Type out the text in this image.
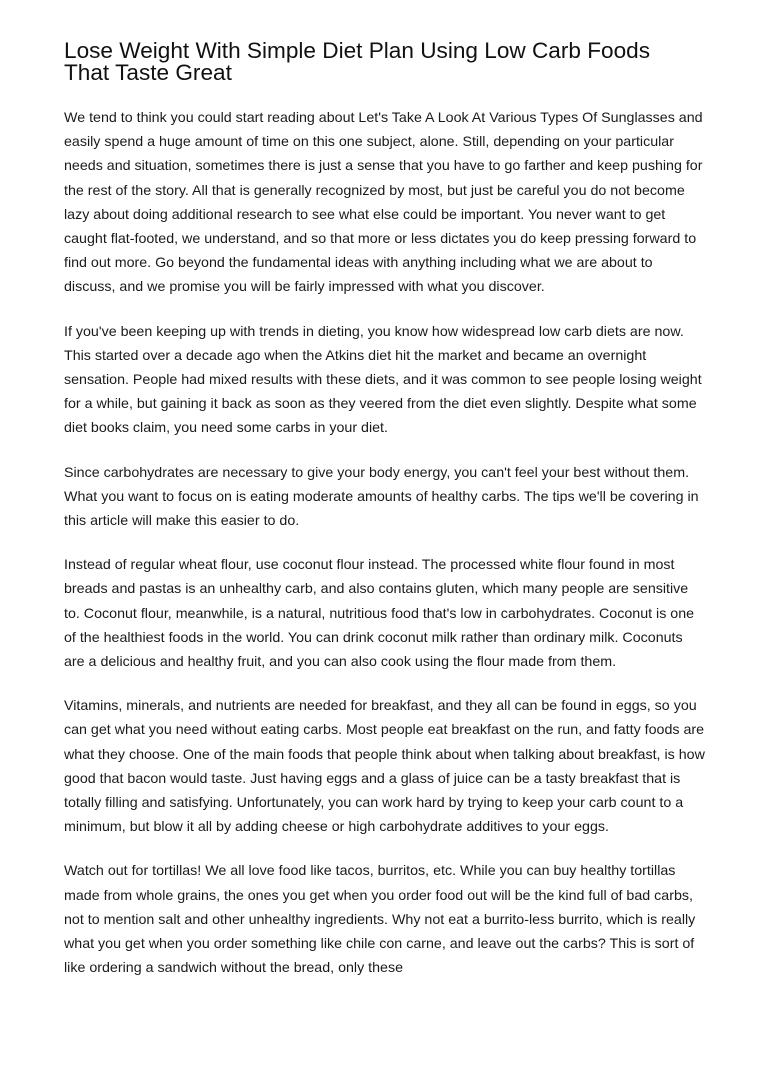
Lose Weight With Simple Diet Plan Using Low Carb Foods
That Taste Great

We tend to think you could start reading about Let's Take A Look At Various Types Of Sunglasses and easily spend a huge amount of time on this one subject, alone. Still, depending on your particular needs and situation, sometimes there is just a sense that you have to go farther and keep pushing for the rest of the story. All that is generally recognized by most, but just be careful you do not become lazy about doing additional research to see what else could be important. You never want to get caught flat-footed, we understand, and so that more or less dictates you do keep pressing forward to find out more. Go beyond the fundamental ideas with anything including what we are about to discuss, and we promise you will be fairly impressed with what you discover.

If you've been keeping up with trends in dieting, you know how widespread low carb diets are now. This started over a decade ago when the Atkins diet hit the market and became an overnight sensation. People had mixed results with these diets, and it was common to see people losing weight for a while, but gaining it back as soon as they veered from the diet even slightly. Despite what some diet books claim, you need some carbs in your diet.

Since carbohydrates are necessary to give your body energy, you can't feel your best without them. What you want to focus on is eating moderate amounts of healthy carbs. The tips we'll be covering in this article will make this easier to do.

Instead of regular wheat flour, use coconut flour instead. The processed white flour found in most breads and pastas is an unhealthy carb, and also contains gluten, which many people are sensitive to. Coconut flour, meanwhile, is a natural, nutritious food that's low in carbohydrates. Coconut is one of the healthiest foods in the world. You can drink coconut milk rather than ordinary milk. Coconuts are a delicious and healthy fruit, and you can also cook using the flour made from them.

Vitamins, minerals, and nutrients are needed for breakfast, and they all can be found in eggs, so you can get what you need without eating carbs. Most people eat breakfast on the run, and fatty foods are what they choose. One of the main foods that people think about when talking about breakfast, is how good that bacon would taste. Just having eggs and a glass of juice can be a tasty breakfast that is totally filling and satisfying. Unfortunately, you can work hard by trying to keep your carb count to a minimum, but blow it all by adding cheese or high carbohydrate additives to your eggs.

Watch out for tortillas! We all love food like tacos, burritos, etc. While you can buy healthy tortillas made from whole grains, the ones you get when you order food out will be the kind full of bad carbs, not to mention salt and other unhealthy ingredients. Why not eat a burrito-less burrito, which is really what you get when you order something like chile con carne, and leave out the carbs? This is sort of like ordering a sandwich without the bread, only these
